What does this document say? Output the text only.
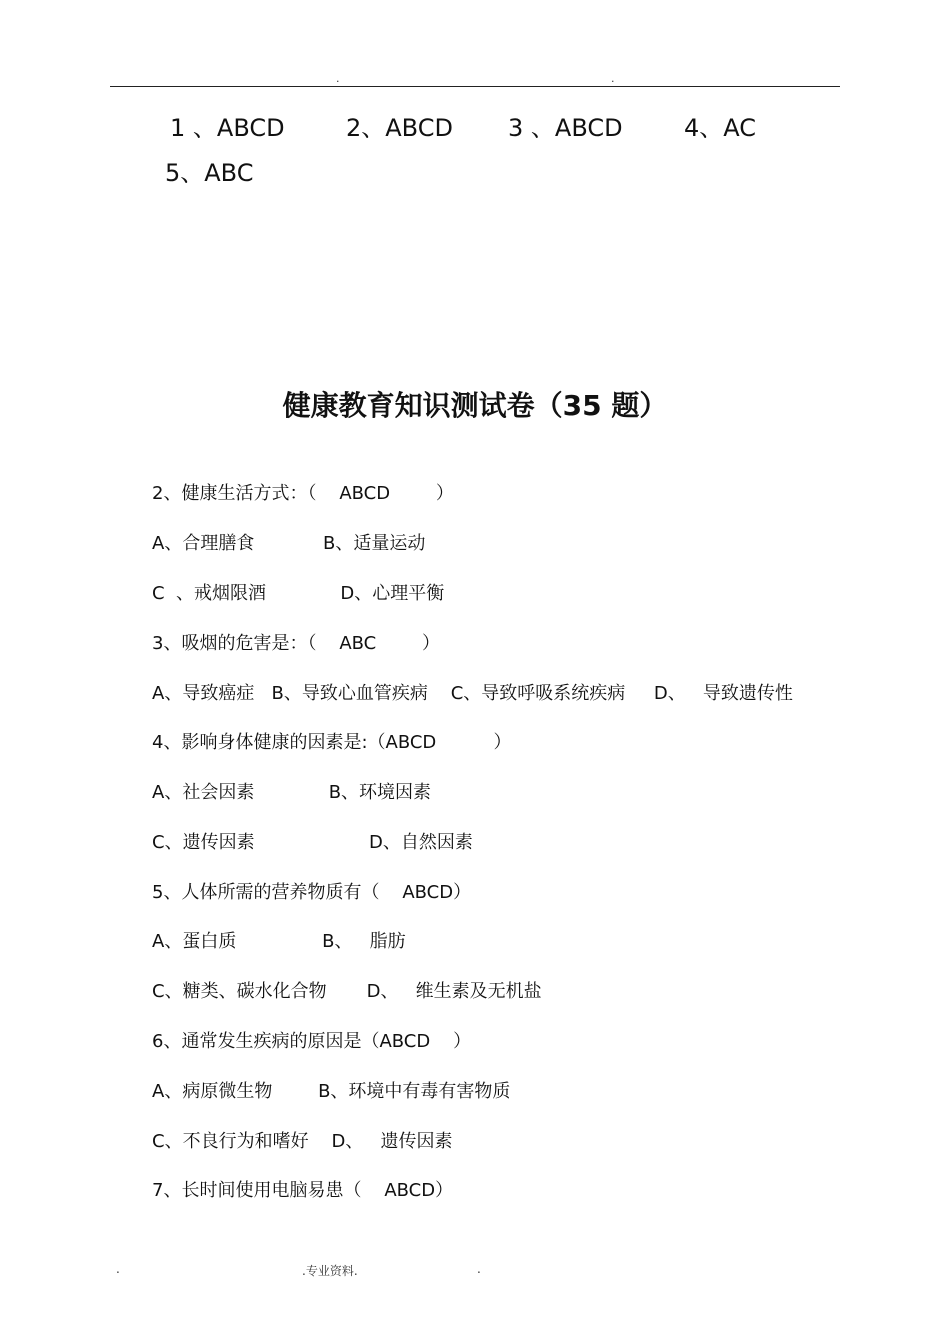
.	.
1 、ABCD	2、ABCD 3 、ABCD	4、AC
5、ABC
健康教育知识测试卷（35 题）
2、健康生活方式：（    ABCD        ）
A、合理膳食            B、适量运动
C  、戒烟限酒             D、心理平衡
3、吸烟的危害是：（    ABC        ）
A、导致癌症   B、导致心血管疾病    C、导致呼吸系统疾病     D、   导致遗传性
4、影响身体健康的因素是:（ABCD          ）
A、社会因素             B、环境因素
C、遗传因素                    D、自然因素
5、人体所需的营养物质有（    ABCD）
A、蛋白质               B、   脂肪
C、糖类、碳水化合物       D、   维生素及无机盐
6、通常发生疾病的原因是（ABCD    ）
A、病原微生物        B、环境中有毒有害物质
C、不良行为和嗜好    D、   遗传因素
7、长时间使用电脑易患（    ABCD）
.	.专业资料.	.
